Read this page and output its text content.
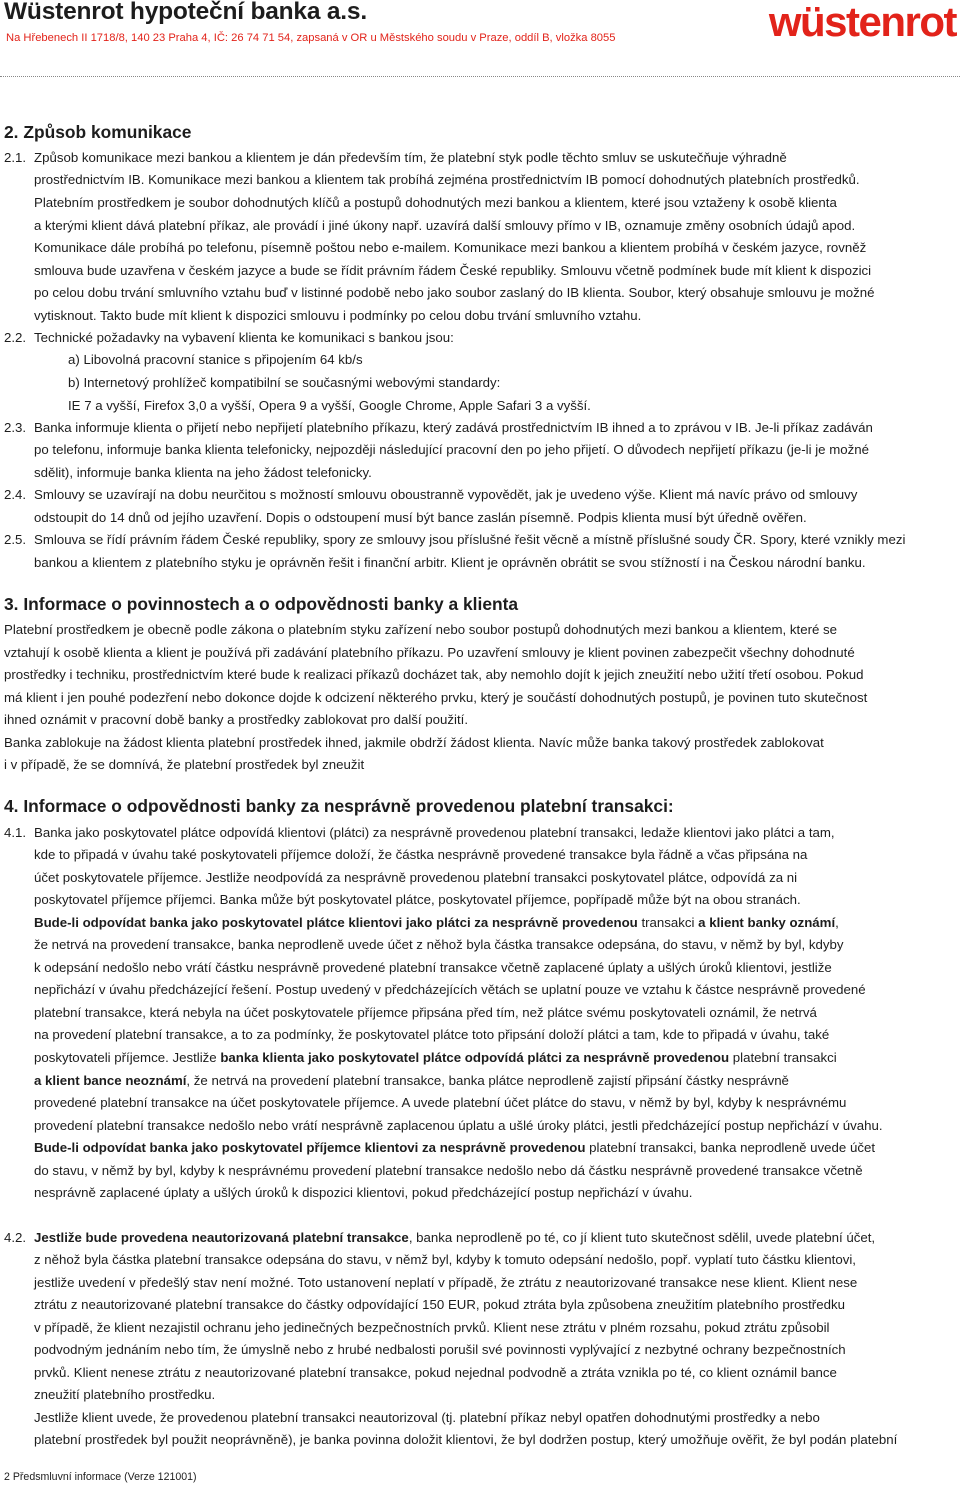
Wüstenrot hypoteční banka a.s.
Na Hřebenech II 1718/8, 140 23 Praha 4, IČ: 26 74 71 54, zapsaná v OR u Městského soudu v Praze, oddíl B, vložka 8055	wüstenrot
2. Způsob komunikace
2.1. Způsob komunikace mezi bankou a klientem je dán především tím, že platební styk podle těchto smluv se uskutečňuje výhradně
prostřednictvím IB. Komunikace mezi bankou a klientem tak probíhá zejména prostřednictvím IB pomocí dohodnutých platebních prostředků.
Platebním prostředkem je soubor dohodnutých klíčů a postupů dohodnutých mezi bankou a klientem, které jsou vztaženy k osobě klienta
a kterými klient dává platební příkaz, ale provádí i jiné úkony např. uzavírá další smlouvy přímo v IB, oznamuje změny osobních údajů apod.
Komunikace dále probíhá po telefonu, písemně poštou nebo e-mailem. Komunikace mezi bankou a klientem probíhá v českém jazyce, rovněž
smlouva bude uzavřena v českém jazyce a bude se řídit právním řádem České republiky. Smlouvu včetně podmínek bude mít klient k dispozici
po celou dobu trvání smluvního vztahu buď v listinné podobě nebo jako soubor zaslaný do IB klienta. Soubor, který obsahuje smlouvu je možné
vytisknout. Takto bude mít klient k dispozici smlouvu i podmínky po celou dobu trvání smluvního vztahu.
2.2. Technické požadavky na vybavení klienta ke komunikaci s bankou jsou:
a) Libovolná pracovní stanice s připojením 64 kb/s
b) Internetový prohlížeč kompatibilní se současnými webovými standardy:
IE 7 a vyšší, Firefox 3,0 a vyšší, Opera 9 a vyšší, Google Chrome, Apple Safari 3 a vyšší.
2.3. Banka informuje klienta o přijetí nebo nepřijetí platebního příkazu, který zadává prostřednictvím IB ihned a to zprávou v IB. Je-li příkaz zadáván
po telefonu, informuje banka klienta telefonicky, nejpozději následující pracovní den po jeho přijetí. O důvodech nepřijetí příkazu (je-li je možné
sdělit), informuje banka klienta na jeho žádost telefonicky.
2.4. Smlouvy se uzavírají na dobu neurčitou s možností smlouvu oboustranně vypovědět, jak je uvedeno výše. Klient má navíc právo od smlouvy
odstoupit do 14 dnů od jejího uzavření. Dopis o odstoupení musí být bance zaslán písemně. Podpis klienta musí být úředně ověřen.
2.5. Smlouva se řídí právním řádem České republiky, spory ze smlouvy jsou příslušné řešit věcně a místně příslušné soudy ČR. Spory, které vznikly mezi
bankou a klientem z platebního styku je oprávněn řešit i finanční arbitr. Klient je oprávněn obrátit se svou stížností i na Českou národní banku.
3. Informace o povinnostech a o odpovědnosti banky a klienta
Platební prostředkem je obecně podle zákona o platebním styku zařízení nebo soubor postupů dohodnutých mezi bankou a klientem, které se
vztahují k osobě klienta a klient je používá při zadávání platebního příkazu. Po uzavření smlouvy je klient povinen zabezpečit všechny dohodnuté
prostředky i techniku, prostřednictvím které bude k realizaci příkazů docházet tak, aby nemohlo dojít k jejich zneužití nebo užití třetí osobou. Pokud
má klient i jen pouhé podezření nebo dokonce dojde k odcizení některého prvku, který je součástí dohodnutých postupů, je povinen tuto skutečnost
ihned oznámit v pracovní době banky a prostředky zablokovat pro další použití.
Banka zablokuje na žádost klienta platební prostředek ihned, jakmile obdrží žádost klienta. Navíc může banka takový prostředek zablokovat
i v případě, že se domnívá, že platební prostředek byl zneužit
4. Informace o odpovědnosti banky za nesprávně provedenou platební transakci:
4.1. Banka jako poskytovatel plátce odpovídá klientovi (plátci) za nesprávně provedenou platební transakci, ledaže klientovi jako plátci a tam,
kde to připadá v úvahu také poskytovateli příjemce doloží, že částka nesprávně provedené transakce byla řádně a včas připsána na
účet poskytovatele příjemce. Jestliže neodpovídá za nesprávně provedenou platební transakci poskytovatel plátce, odpovídá za ni
poskytovatel příjemce příjemci. Banka může být poskytovatel plátce, poskytovatel příjemce, popřípadě může být na obou stranách.
Bude-li odpovídat banka jako poskytovatel plátce klientovi jako plátci za nesprávně provedenou transakci a klient banky oznámí,
že netrvá na provedení transakce, banka neprodleně uvede účet z něhož byla částka transakce odepsána, do stavu, v němž by byl, kdyby
k odepsání nedošlo nebo vrátí částku nesprávně provedené platební transakce včetně zaplacené úplaty a ušlých úroků klientovi, jestliže
nepřichází v úvahu předcházející řešení. Postup uvedený v předcházejících větách se uplatní pouze ve vztahu k částce nesprávně provedené
platební transakce, která nebyla na účet poskytovatele příjemce připsána před tím, než plátce svému poskytovateli oznámil, že netrvá
na provedení platební transakce, a to za podmínky, že poskytovatel plátce toto připsání doloží plátci a tam, kde to připadá v úvahu, také
poskytovateli příjemce. Jestliže banka klienta jako poskytovatel plátce odpovídá plátci za nesprávně provedenou platební transakci
a klient bance neoznámí, že netrvá na provedení platební transakce, banka plátce neprodleně zajistí připsání částky nesprávně
provedené platební transakce na účet poskytovatele příjemce. A uvede platební účet plátce do stavu, v němž by byl, kdyby k nesprávnému
provedení platební transakce nedošlo nebo vrátí nesprávně zaplacenou úplatu a ušlé úroky plátci, jestli předcházející postup nepřichází v úvahu.
Bude-li odpovídat banka jako poskytovatel příjemce klientovi za nesprávně provedenou platební transakci, banka neprodleně uvede účet
do stavu, v němž by byl, kdyby k nesprávnému provedení platební transakce nedošlo nebo dá částku nesprávně provedené transakce včetně
nesprávně zaplacené úplaty a ušlých úroků k dispozici klientovi, pokud předcházející postup nepřichází v úvahu.
4.2. Jestliže bude provedena neautorizovaná platební transakce, banka neprodleně po té, co jí klient tuto skutečnost sdělil, uvede platební účet,
z něhož byla částka platební transakce odepsána do stavu, v němž byl, kdyby k tomuto odepsání nedošlo, popř. vyplatí tuto částku klientovi,
jestliže uvedení v předešlý stav není možné. Toto ustanovení neplatí v případě, že ztrátu z neautorizované transakce nese klient. Klient nese
ztrátu z neautorizované platební transakce do částky odpovídající 150 EUR, pokud ztráta byla způsobena zneužitím platebního prostředku
v případě, že klient nezajistil ochranu jeho jedinečných bezpečnostních prvků. Klient nese ztrátu v plném rozsahu, pokud ztrátu způsobil
podvodným jednáním nebo tím, že úmyslně nebo z hrubé nedbalosti porušil své povinnosti vyplývající z nezbytné ochrany bezpečnostních
prvků. Klient nenese ztrátu z neautorizované platební transakce, pokud nejednal podvodně a ztráta vznikla po té, co klient oznámil bance
zneužití platebního prostředku.
Jestliže klient uvede, že provedenou platební transakci neautorizoval (tj. platební příkaz nebyl opatřen dohodnutými prostředky a nebo
platební prostředek byl použit neoprávněně), je banka povinna doložit klientovi, že byl dodržen postup, který umožňuje ověřit, že byl podán platební
2 Předsmluvní informace (Verze 121001)
